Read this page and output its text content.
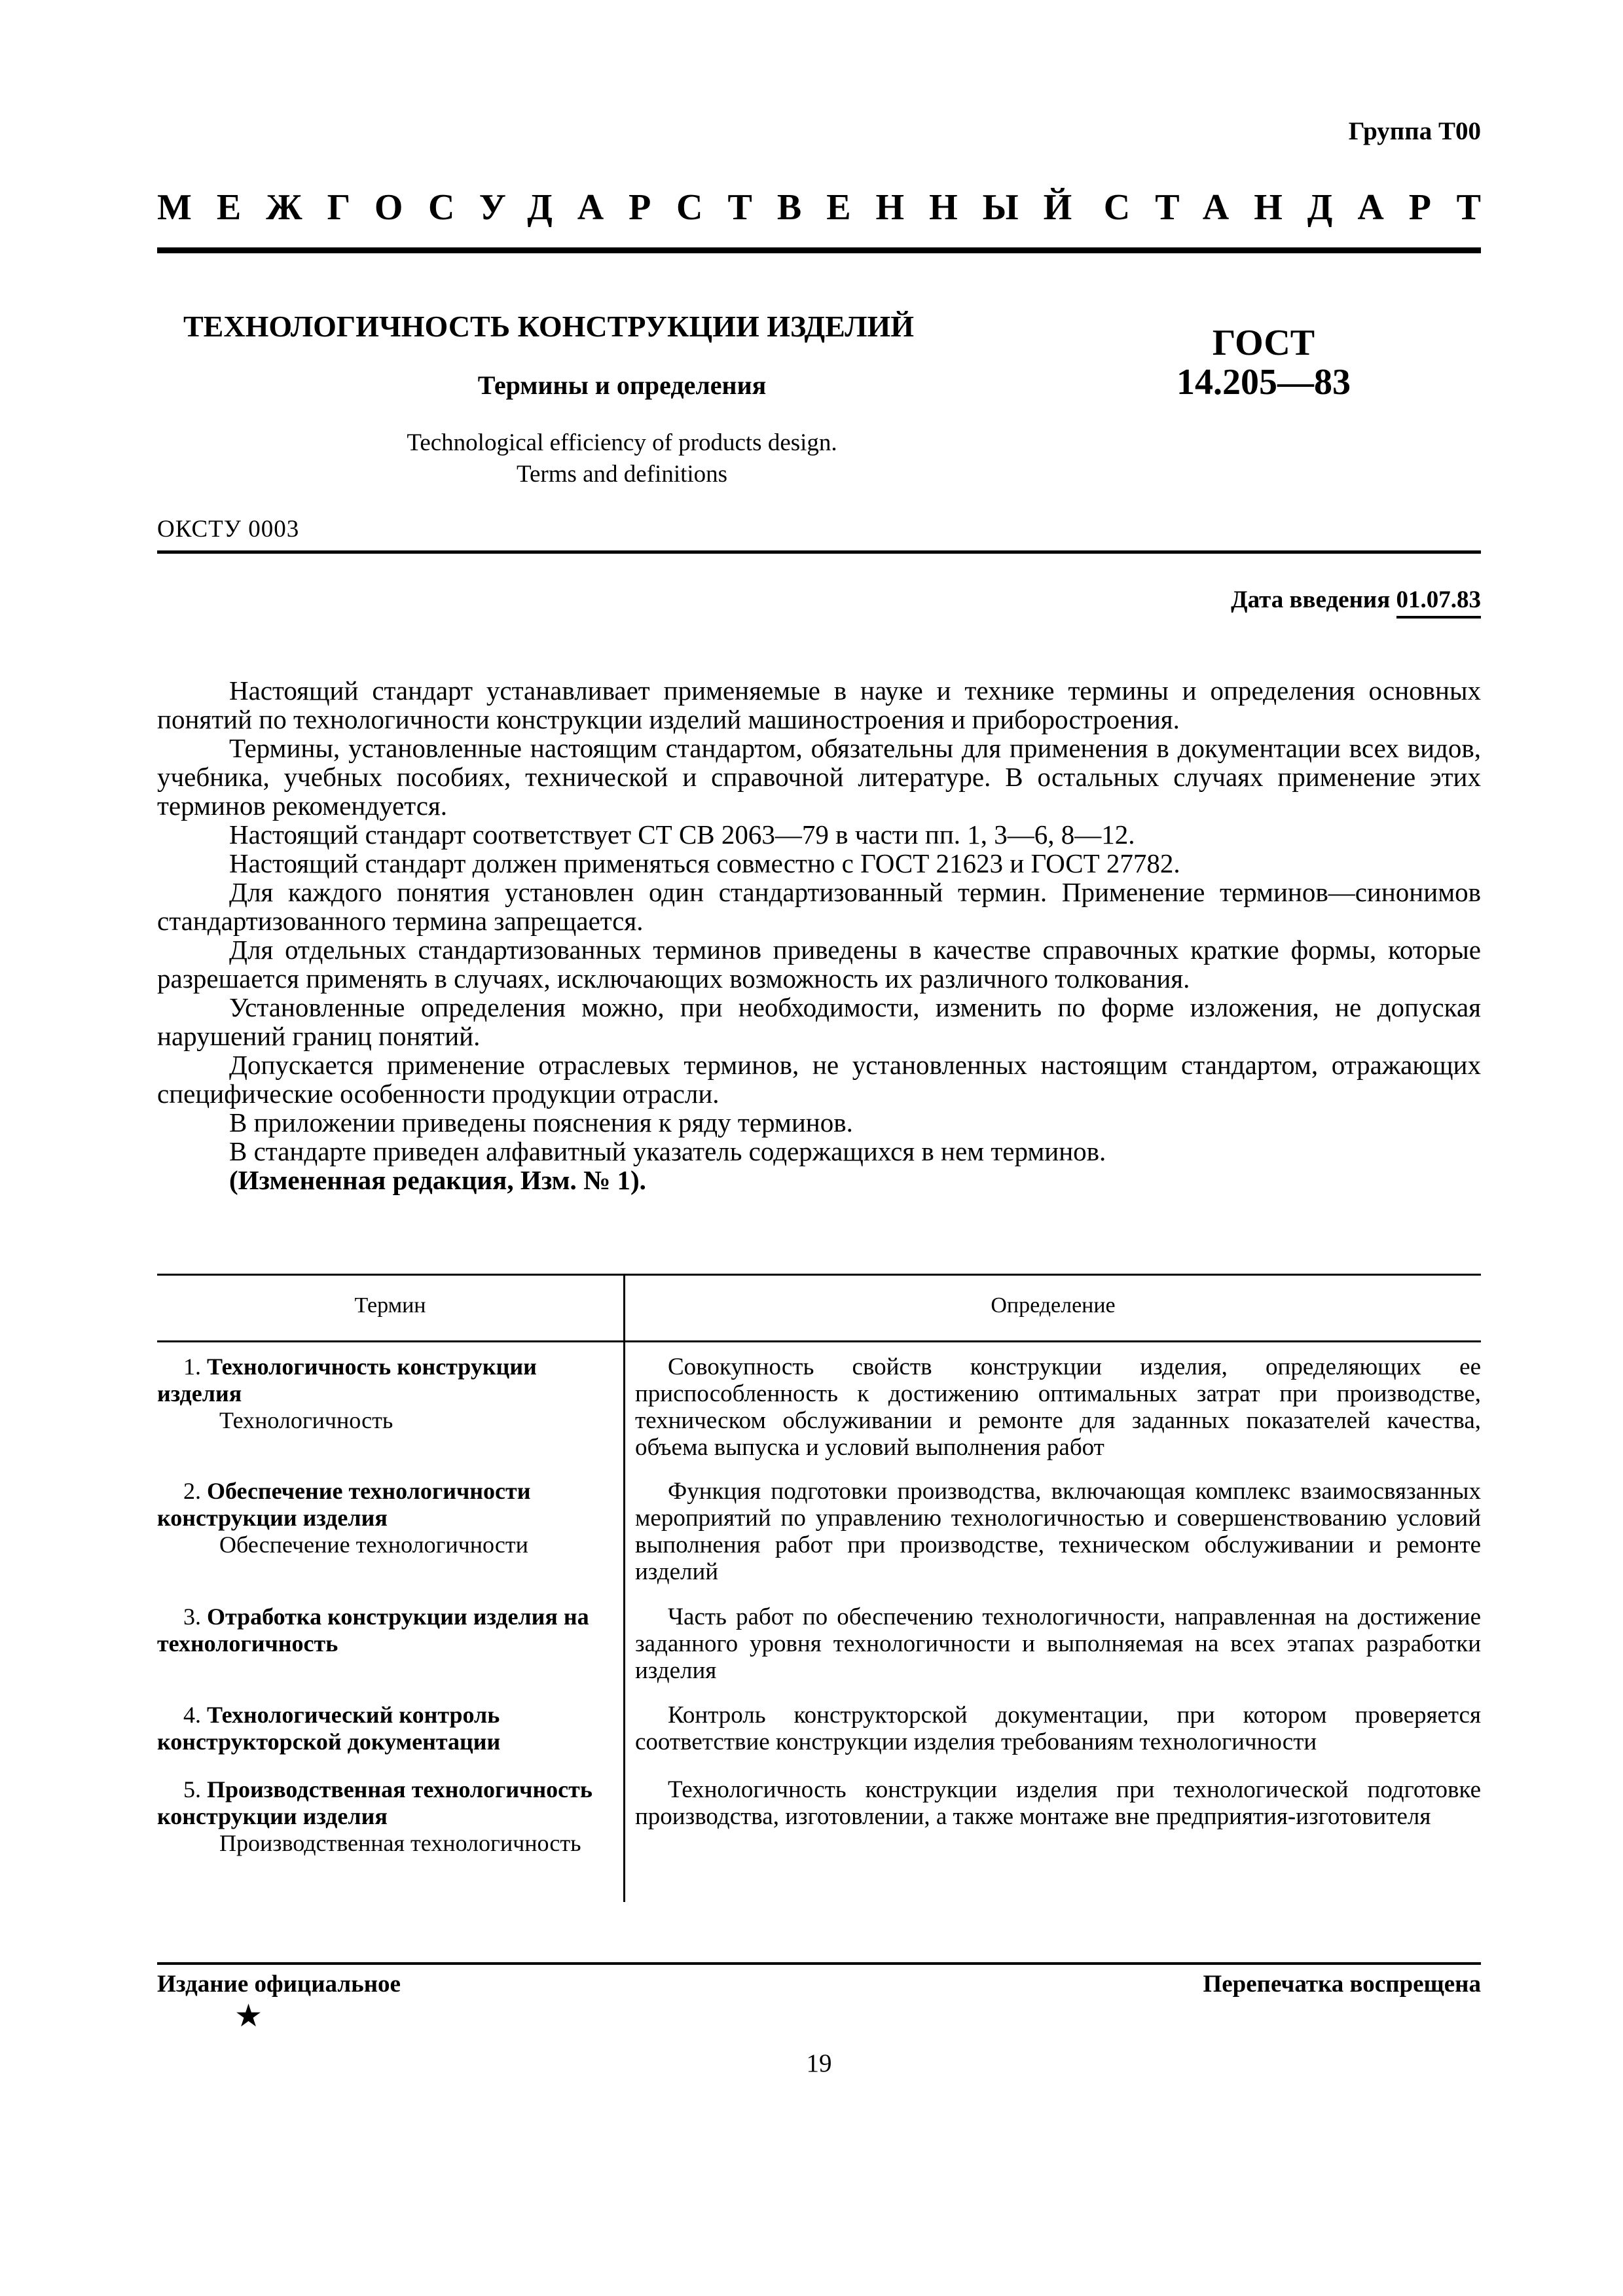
Группа Т00
МЕЖГОСУДАРСТВЕННЫЙ СТАНДАРТ
ТЕХНОЛОГИЧНОСТЬ КОНСТРУКЦИИ ИЗДЕЛИЙ
Термины и определения
Technological efficiency of products design.
Terms and definitions
ГОСТ
14.205—83
ОКСТУ 0003
Дата введения 01.07.83

Настоящий стандарт устанавливает применяемые в науке и технике термины и определения основных понятий по технологичности конструкции изделий машиностроения и приборостроения.

Термины, установленные настоящим стандартом, обязательны для применения в документации всех видов, учебника, учебных пособиях, технической и справочной литературе. В остальных случаях применение этих терминов рекомендуется.

Настоящий стандарт соответствует СТ СВ 2063—79 в части пп. 1, 3—6, 8—12.

Настоящий стандарт должен применяться совместно с ГОСТ 21623 и ГОСТ 27782.

Для каждого понятия установлен один стандартизованный термин. Применение терминов—синонимов стандартизованного термина запрещается.

Для отдельных стандартизованных терминов приведены в качестве справочных краткие формы, которые разрешается применять в случаях, исключающих возможность их различного толкования.

Установленные определения можно, при необходимости, изменить по форме изложения, не допуская нарушений границ понятий.

Допускается применение отраслевых терминов, не установленных настоящим стандартом, отражающих специфические особенности продукции отрасли.

В приложении приведены пояснения к ряду терминов.

В стандарте приведен алфавитный указатель содержащихся в нем терминов.

(Измененная редакция, Изм. № 1).

Термин	Определение
1. Технологичность конструкции изделия
Технологичность
Совокупность свойств конструкции изделия, определяющих ее приспособленность к достижению оптимальных затрат при производстве, техническом обслуживании и ремонте для заданных показателей качества, объема выпуска и условий выполнения работ
2. Обеспечение технологичности конструкции изделия
Обеспечение технологичности
Функция подготовки производства, включающая комплекс взаимосвязанных мероприятий по управлению технологичностью и совершенствованию условий выполнения работ при производстве, техническом обслуживании и ремонте изделий
3. Отработка конструкции изделия на технологичность
Часть работ по обеспечению технологичности, направленная на достижение заданного уровня технологичности и выполняемая на всех этапах разработки изделия
4. Технологический контроль конструкторской документации
Контроль конструкторской документации, при котором проверяется соответствие конструкции изделия требованиям технологичности
5. Производственная технологичность конструкции изделия
Производственная технологичность
Технологичность конструкции изделия при технологической подготовке производства, изготовлении, а также монтаже вне предприятия-изготовителя
Издание официальное	Перепечатка воспрещена
★
19
